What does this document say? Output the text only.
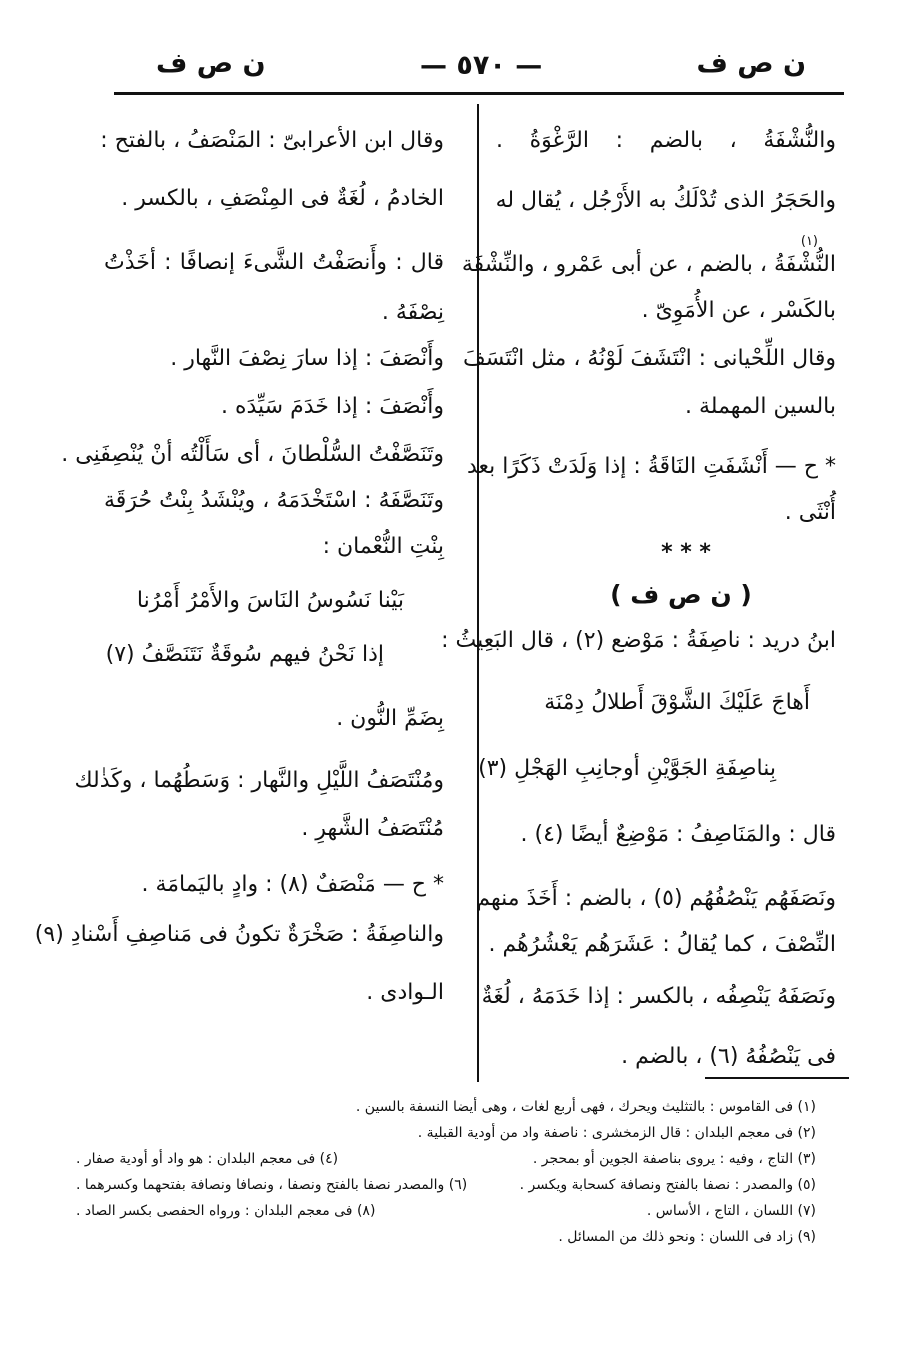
ن ص ف
— ٥٧٠ —
ن ص ف
والنُّشْفَةُ ، بالضم : الرَّغْوَةُ .
والحَجَرُ الذى تُدْلَكُ به الأَرْجُل ، يُقال له
(١)
النُّشْفَةُ ، بالضم ، عن أبى عَمْرو ، والنِّشْفَة
بالكَسْر ، عن الأُمَوِىّ .
وقال اللِّحْيانى : انْتَشَفَ لَوْنُهُ ، مثل انْتَسَفَ
بالسين المهملة .
* ح — أَنْشَفَتِ النَاقَةُ : إذا وَلَدَتْ ذَكَرًا بعد
أُنْثَى .
* * *
( ن ص ف )
ابنُ دريد : ناصِفَةُ : مَوْضع (٢) ، قال البَعِيثُ :
أَهاجَ عَلَيْكَ الشَّوْقَ أَطلالُ دِمْنَة
بِناصِفَةِ الجَوَّيْنِ أوجانِبِ الهَجْلِ (٣)
قال : والمَنَاصِفُ : مَوْضِعٌ أيضًا (٤) .
ونَصَفَهُم يَنْصُفُهُم (٥) ، بالضم : أَخَذَ منهم
النِّصْفَ ، كما يُقالُ : عَشَرَهُم يَعْشُرُهُم .
ونَصَفَهُ يَنْصِفُه ، بالكسر : إذا خَدَمَهُ ، لُغَةٌ
فى يَنْصُفُهُ (٦) ، بالضم .
وقال ابن الأعرابىّ : المَنْصَفُ ، بالفتح :
الخادمُ ، لُغَةٌ فى المِنْصَفِ ، بالكسر .
قال : وأَنصَفْتُ الشَّىءَ إنصافًا : أخَذْتُ
نِصْفَهُ .
وأَنْصَفَ : إذا سارَ نِصْفَ النَّهار .
وأَنْصَفَ : إذا خَدَمَ سَيِّدَه .
وتَنَصَّفْتُ السُّلْطانَ ، أى سَأَلْتُه أنْ يُنْصِفَنِى .
وتَنَصَّفَهُ : اسْتَخْدَمَهُ ، ويُنْشَدُ بِنْتُ حُرَقَة
بِنْتِ النُّعْمان :
بَيْنا نَسُوسُ النَاسَ والأَمْرُ أَمْرُنا
إذا نَحْنُ فيهم سُوقَةٌ نَتَنَصَّفُ (٧)
بِضَمِّ النُّون .
ومُنْتَصَفُ اللَّيْلِ والنَّهار : وَسَطُهُما ، وكَذٰلك
مُنْتَصَفُ الشَّهرِ .
* ح — مَنْصَفٌ (٨) : وادٍ باليَمامَة .
والناصِفَةُ : صَخْرَةٌ تكونُ فى مَناصِفِ أَسْنادِ (٩)
الـوادى .
(١) فى القاموس : بالتثليث ويحرك ، فهى أربع لغات ، وهى أيضا النسفة بالسين .
(٢) فى معجم البلدان : قال الزمخشرى : ناصفة واد من أودية القبلية .
(٣) التاج ، وفيه : يروى بناصفة الجوين أو بمحجر .
(٤) فى معجم البلدان : هو واد أو أودية صفار .
(٥) والمصدر : نصفا بالفتح ونصافة كسحابة ويكسر .
(٦) والمصدر نصفا بالفتح ونصفا ، ونصافا ونصافة بفتحهما وكسرهما .
(٧) اللسان ، التاج ، الأساس .
(٨) فى معجم البلدان : ورواه الحفصى بكسر الصاد .
(٩) زاد فى اللسان : ونحو ذلك من المسائل .
